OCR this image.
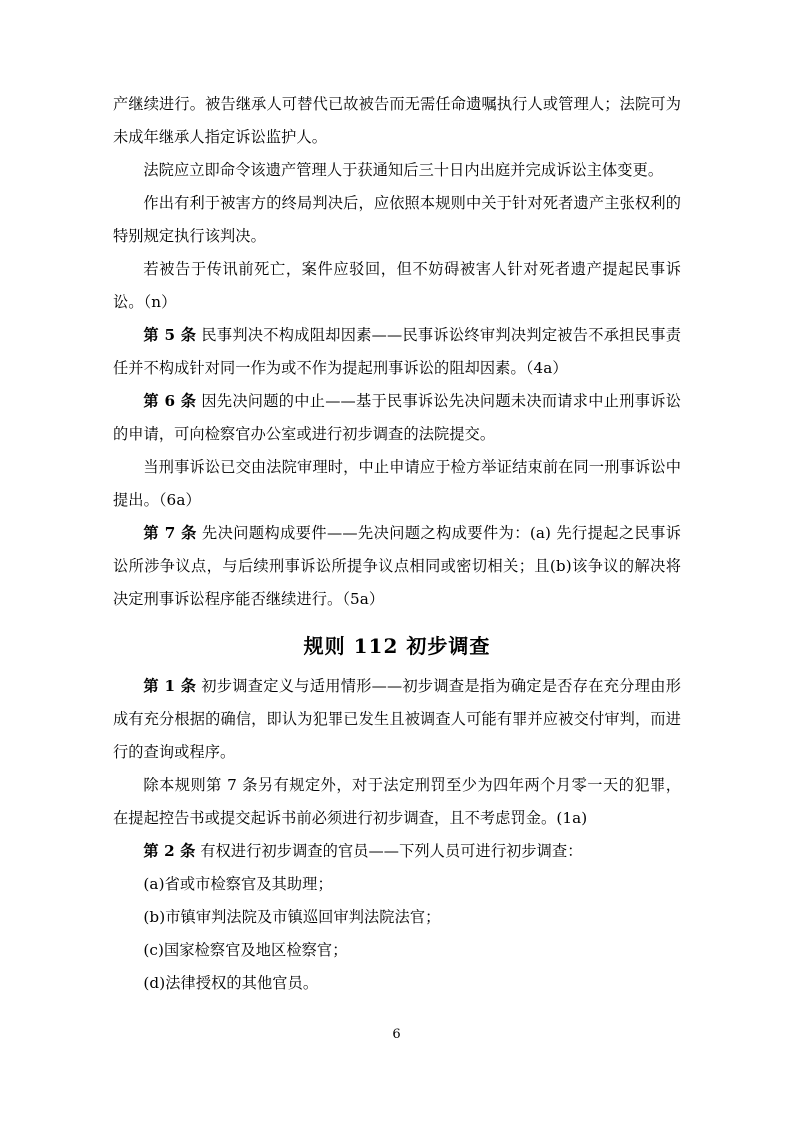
产继续进行。被告继承人可替代已故被告而无需任命遗嘱执行人或管理人；法院可为未成年继承人指定诉讼监护人。

法院应立即命令该遗产管理人于获通知后三十日内出庭并完成诉讼主体变更。

作出有利于被害方的终局判决后，应依照本规则中关于针对死者遗产主张权利的特别规定执行该判决。

若被告于传讯前死亡，案件应驳回，但不妨碍被害人针对死者遗产提起民事诉讼。（n）

第 5 条 民事判决不构成阻却因素——民事诉讼终审判决判定被告不承担民事责任并不构成针对同一作为或不作为提起刑事诉讼的阻却因素。（4a）

第 6 条 因先决问题的中止——基于民事诉讼先决问题未决而请求中止刑事诉讼的申请，可向检察官办公室或进行初步调查的法院提交。

当刑事诉讼已交由法院审理时，中止申请应于检方举证结束前在同一刑事诉讼中提出。（6a）

第 7 条 先决问题构成要件——先决问题之构成要件为：(a) 先行提起之民事诉讼所涉争议点，与后续刑事诉讼所提争议点相同或密切相关；且(b)该争议的解决将决定刑事诉讼程序能否继续进行。（5a）

规则 112 初步调查

第 1 条 初步调查定义与适用情形——初步调查是指为确定是否存在充分理由形成有充分根据的确信，即认为犯罪已发生且被调查人可能有罪并应被交付审判，而进行的查询或程序。

除本规则第 7 条另有规定外，对于法定刑罚至少为四年两个月零一天的犯罪，在提起控告书或提交起诉书前必须进行初步调查，且不考虑罚金。(1a)

第 2 条 有权进行初步调查的官员——下列人员可进行初步调查：

(a)省或市检察官及其助理；

(b)市镇审判法院及市镇巡回审判法院法官；

(c)国家检察官及地区检察官；

(d)法律授权的其他官员。

6
